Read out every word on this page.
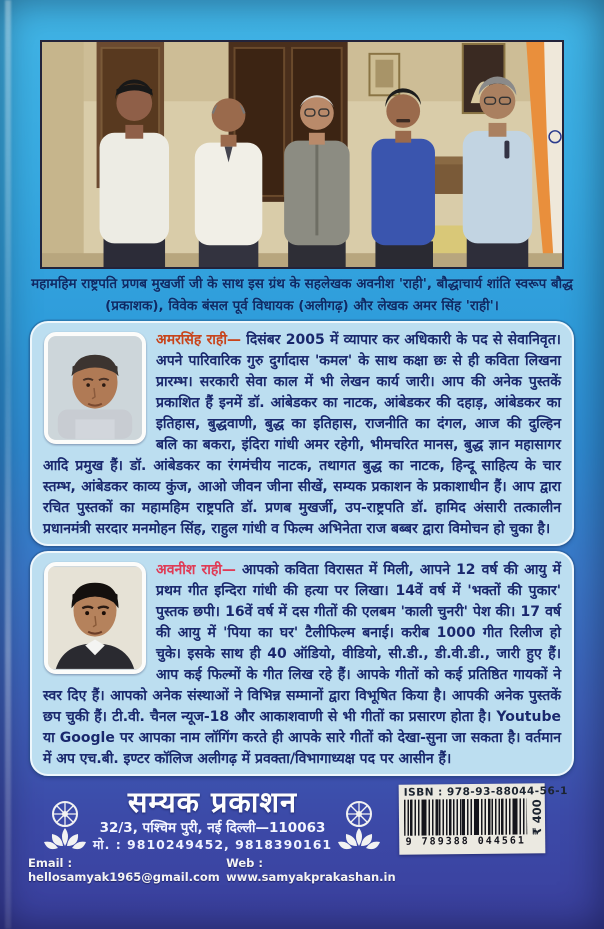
महामहिम राष्ट्रपति प्रणब मुखर्जी जी के साथ इस ग्रंथ के सहलेखक अवनीश 'राही', बौद्धाचार्य शांति स्वरूप बौद्ध (प्रकाशक), विवेक बंसल पूर्व विधायक (अलीगढ़) और लेखक अमर सिंह 'राही'।

अमरसिंह राही— दिसंबर 2005 में व्यापार कर अधिकारी के पद से सेवानिवृत। अपने पारिवारिक गुरु दुर्गादास 'कमल' के साथ कक्षा छः से ही कविता लिखना प्रारम्भ। सरकारी सेवा काल में भी लेखन कार्य जारी। आप की अनेक पुस्तकें प्रकाशित हैं इनमें डॉ. आंबेडकर का नाटक, आंबेडकर की दहाड़, आंबेडकर का इतिहास, बुद्धवाणी, बुद्ध का इतिहास, राजनीति का दंगल, आज की दुल्हिन बलि का बकरा, इंदिरा गांधी अमर रहेगी, भीमचरित मानस, बुद्ध ज्ञान महासागर आदि प्रमुख हैं। डॉ. आंबेडकर का रंगमंचीय नाटक, तथागत बुद्ध का नाटक, हिन्दू साहित्य के चार स्तम्भ, आंबेडकर काव्य कुंज, आओ जीवन जीना सीखें, सम्यक प्रकाशन के प्रकाशाधीन हैं। आप द्वारा रचित पुस्तकों का महामहिम राष्ट्रपति डॉ. प्रणब मुखर्जी, उप-राष्ट्रपति डॉ. हामिद अंसारी तत्कालीन प्रधानमंत्री सरदार मनमोहन सिंह, राहुल गांधी व फिल्म अभिनेता राज बब्बर द्वारा विमोचन हो चुका है।

अवनीश राही— आपको कविता विरासत में मिली, आपने 12 वर्ष की आयु में प्रथम गीत इन्दिरा गांधी की हत्या पर लिखा। 14वें वर्ष में 'भक्तों की पुकार' पुस्तक छपी। 16वें वर्ष में दस गीतों की एलबम 'काली चुनरी' पेश की। 17 वर्ष की आयु में 'पिया का घर' टैलीफिल्म बनाई। करीब 1000 गीत रिलीज हो चुके। इसके साथ ही 40 ऑडियो, वीडियो, सी.डी., डी.वी.डी., जारी हुए हैं। आप कई फिल्मों के गीत लिख रहे हैं। आपके गीतों को कई प्रतिष्ठित गायकों ने स्वर दिए हैं। आपको अनेक संस्थाओं ने विभिन्न सम्मानों द्वारा विभूषित किया है। आपकी अनेक पुस्तकें छप चुकी हैं। टी.वी. चैनल न्यूज-18 और आकाशवाणी से भी गीतों का प्रसारण होता है। Youtube या Google पर आपका नाम लॉगिंग करते ही आपके सारे गीतों को देखा-सुना जा सकता है। वर्तमान में अप एच.बी. इण्टर कॉलिज अलीगढ़ में प्रवक्ता/विभागाध्यक्ष पद पर आसीन हैं।

सम्यक प्रकाशन
32/3, पश्चिम पुरी, नई दिल्ली—110063
मो. : 9810249452, 9818390161
Email : hellosamyak1965@gmail.com
Web : www.samyakprakashan.in
ISBN : 978-93-88044-56-1
9 789388 044561
₹ 400
